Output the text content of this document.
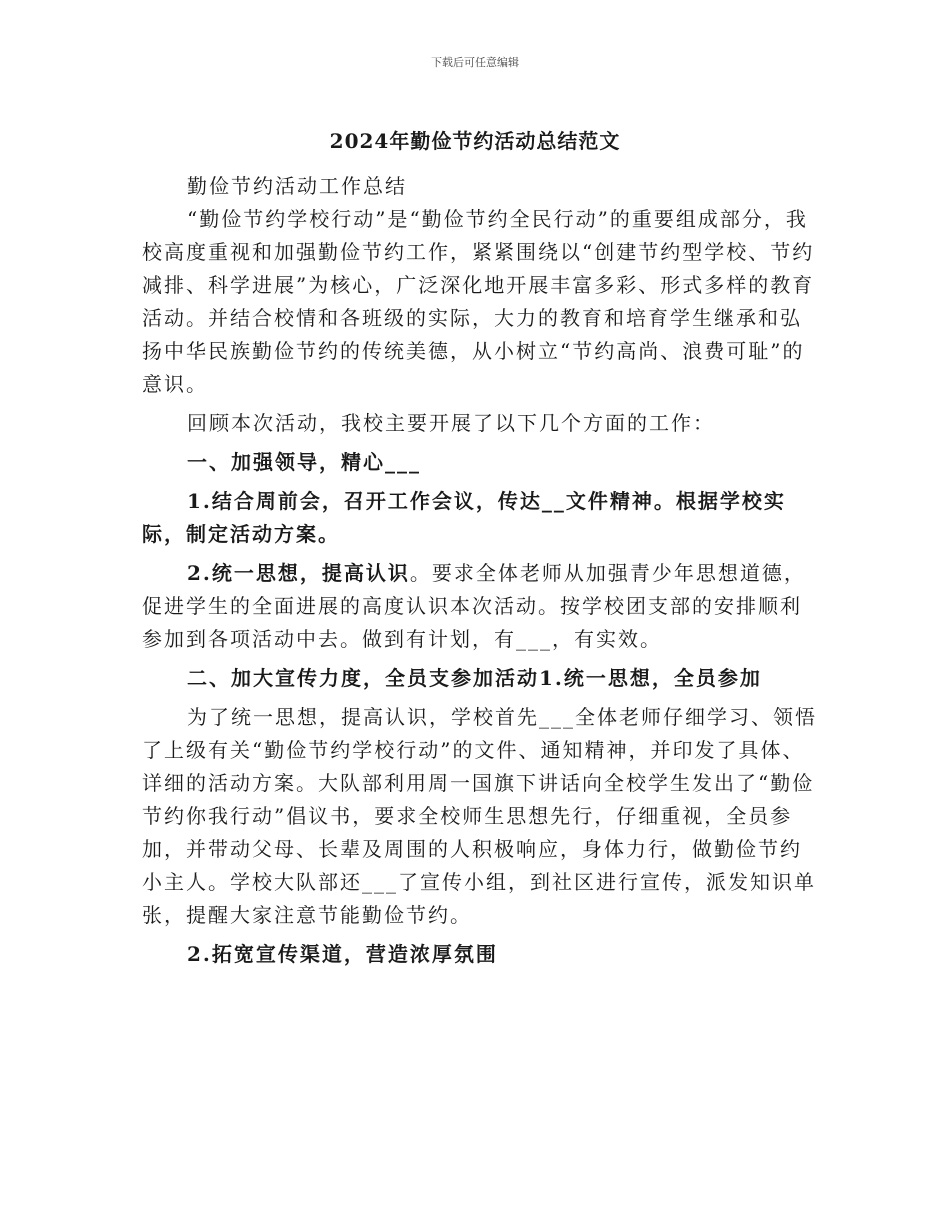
下载后可任意编辑
2024年勤俭节约活动总结范文

勤俭节约活动工作总结

“勤俭节约学校行动”是“勤俭节约全民行动”的重要组成部分，我校高度重视和加强勤俭节约工作，紧紧围绕以“创建节约型学校、节约减排、科学进展”为核心，广泛深化地开展丰富多彩、形式多样的教育活动。并结合校情和各班级的实际，大力的教育和培育学生继承和弘扬中华民族勤俭节约的传统美德，从小树立“节约高尚、浪费可耻”的意识。

回顾本次活动，我校主要开展了以下几个方面的工作：

一、加强领导，精心___

1.结合周前会，召开工作会议，传达__文件精神。根据学校实际，制定活动方案。

2.统一思想，提高认识。要求全体老师从加强青少年思想道德，促进学生的全面进展的高度认识本次活动。按学校团支部的安排顺利参加到各项活动中去。做到有计划，有___，有实效。

二、加大宣传力度，全员支参加活动1.统一思想，全员参加

为了统一思想，提高认识，学校首先___全体老师仔细学习、领悟了上级有关“勤俭节约学校行动”的文件、通知精神，并印发了具体、详细的活动方案。大队部利用周一国旗下讲话向全校学生发出了“勤俭节约你我行动”倡议书，要求全校师生思想先行，仔细重视，全员参加，并带动父母、长辈及周围的人积极响应，身体力行，做勤俭节约小主人。学校大队部还___了宣传小组，到社区进行宣传，派发知识单张，提醒大家注意节能勤俭节约。

2.拓宽宣传渠道，营造浓厚氛围
